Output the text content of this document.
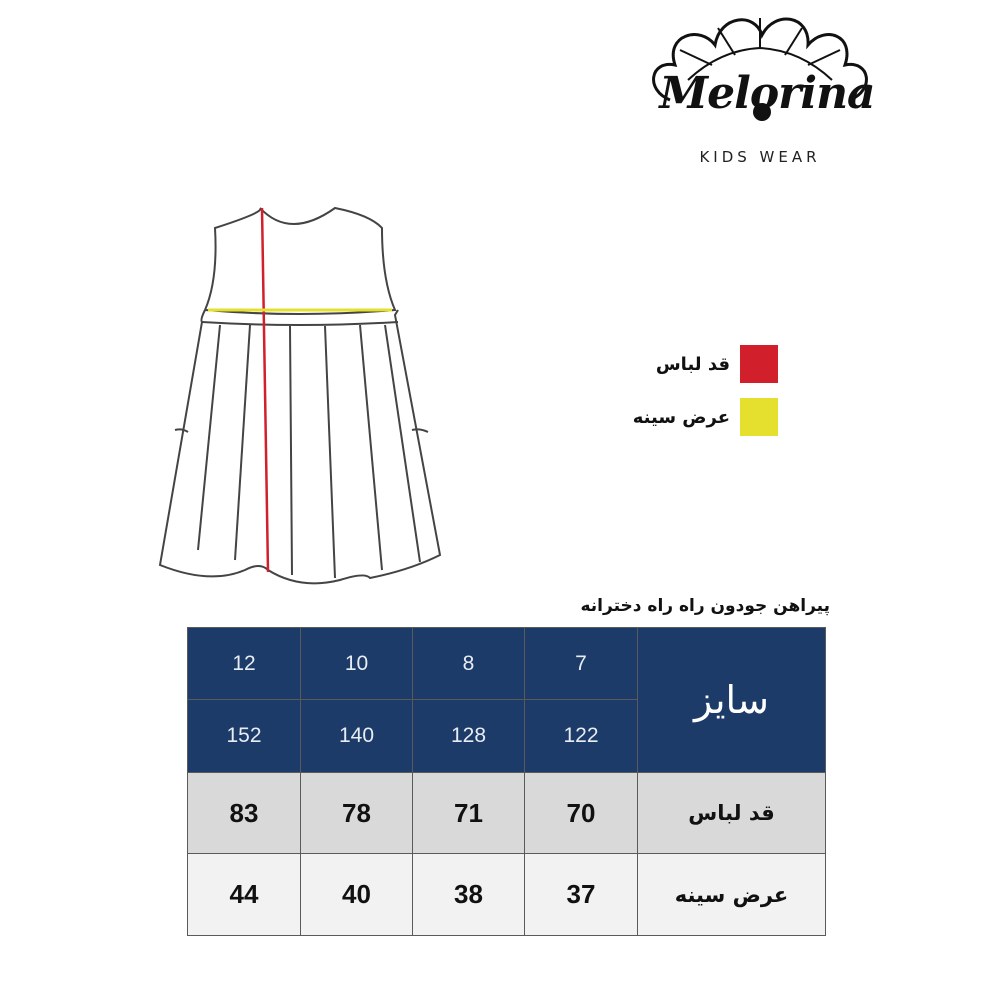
Melorina
KIDS WEAR
قد لباس
عرض سینه
پیراهن جودون راه راه دخترانه
12	10	8	7	سایز
152	140	128	122	
83	78	71	70	قد لباس
44	40	38	37	عرض سینه
